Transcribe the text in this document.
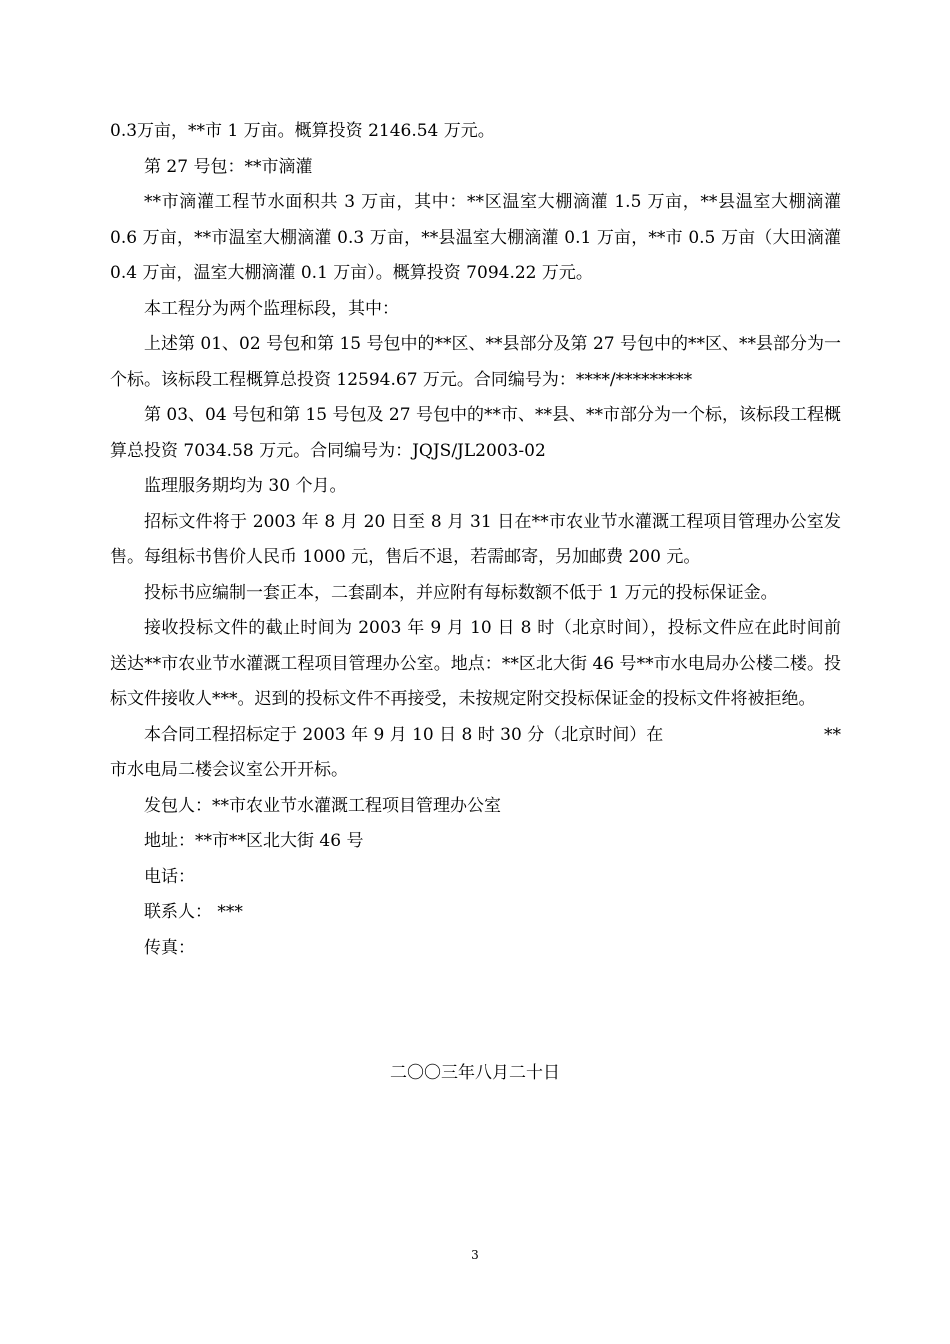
0.3万亩，**市 1 万亩。概算投资 2146.54 万元。

第 27 号包：**市滴灌

**市滴灌工程节水面积共 3 万亩，其中：**区温室大棚滴灌 1.5 万亩，**县温室大棚滴灌 0.6 万亩，**市温室大棚滴灌 0.3 万亩，**县温室大棚滴灌 0.1 万亩，**市 0.5 万亩（大田滴灌 0.4 万亩，温室大棚滴灌 0.1 万亩）。概算投资 7094.22 万元。

本工程分为两个监理标段，其中：

上述第 01、02 号包和第 15 号包中的**区、**县部分及第 27 号包中的**区、**县部分为一个标。该标段工程概算总投资 12594.67 万元。合同编号为：****/*********

第 03、04 号包和第 15 号包及 27 号包中的**市、**县、**市部分为一个标，该标段工程概算总投资 7034.58 万元。合同编号为：JQJS/JL2003-02

监理服务期均为 30 个月。

招标文件将于 2003 年 8 月 20 日至 8 月 31 日在**市农业节水灌溉工程项目管理办公室发售。每组标书售价人民币 1000 元，售后不退，若需邮寄，另加邮费 200 元。

投标书应编制一套正本，二套副本，并应附有每标数额不低于 1 万元的投标保证金。

接收投标文件的截止时间为 2003 年 9 月 10 日 8 时（北京时间），投标文件应在此时间前送达**市农业节水灌溉工程项目管理办公室。地点：**区北大街 46 号**市水电局办公楼二楼。投标文件接收人***。迟到的投标文件不再接受，未按规定附交投标保证金的投标文件将被拒绝。

本合同工程招标定于 2003 年 9 月 10 日 8 时 30 分（北京时间）在	**

市水电局二楼会议室公开开标。

发包人：**市农业节水灌溉工程项目管理办公室

地址：**市**区北大街 46 号

电话：

联系人： ***

传真：

二〇〇三年八月二十日
3
